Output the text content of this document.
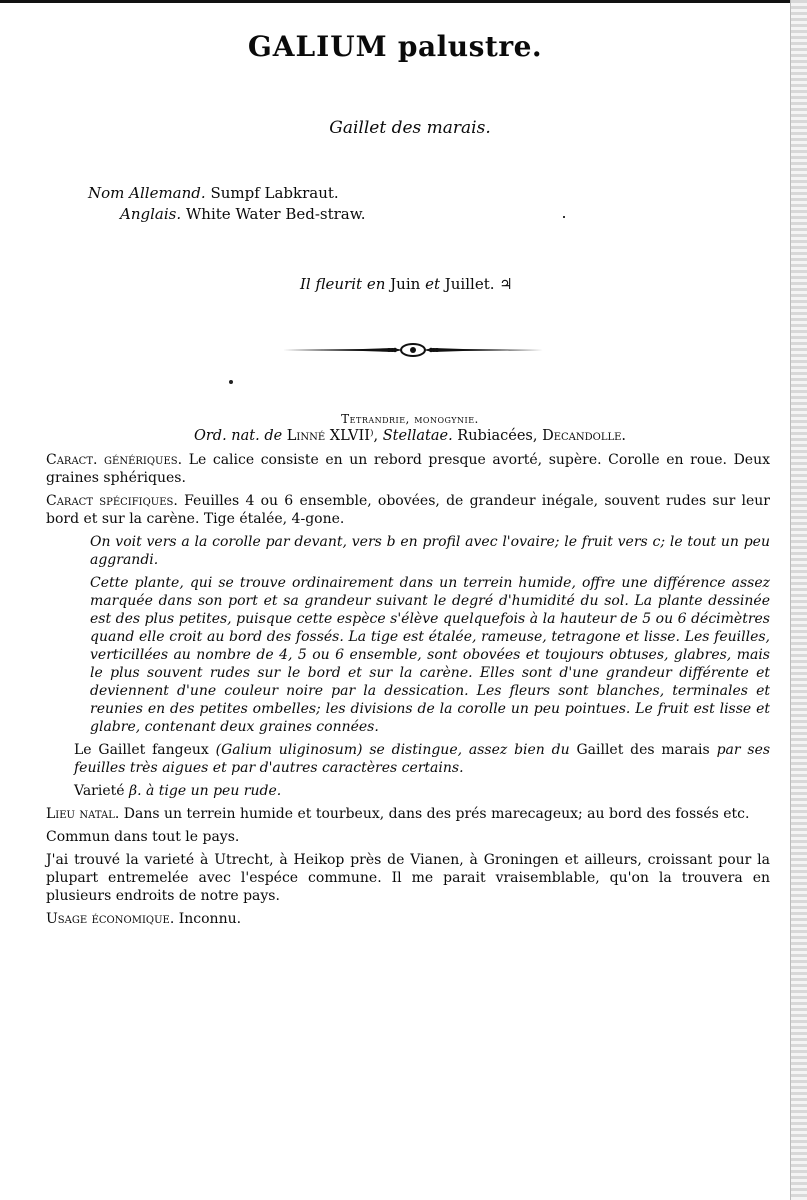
GALIUM palustre.
Gaillet des marais.
Nom Allemand. Sumpf Labkraut.
Anglais. White Water Bed-straw.
Il fleurit en Juin et Juillet. ♃
Tetrandrie, monogynie.
Ord. nat. de Linné XLVII⁾, Stellatae. Rubiacées, Decandolle.

Caract. génériques. Le calice consiste en un rebord presque avorté, supère. Corolle en roue. Deux graines sphériques.

Caract spécifiques. Feuilles 4 ou 6 ensemble, obovées, de grandeur inégale, souvent rudes sur leur bord et sur la carène. Tige étalée, 4-gone.

On voit vers a la corolle par devant, vers b en profil avec l'ovaire; le fruit vers c; le tout un peu aggrandi.

Cette plante, qui se trouve ordinairement dans un terrein humide, offre une différence assez marquée dans son port et sa grandeur suivant le degré d'humidité du sol. La plante dessinée est des plus petites, puisque cette espèce s'élève quelquefois à la hauteur de 5 ou 6 décimètres quand elle croit au bord des fossés. La tige est étalée, rameuse, tetragone et lisse. Les feuilles, verticillées au nombre de 4, 5 ou 6 ensemble, sont obovées et toujours obtuses, glabres, mais le plus souvent rudes sur le bord et sur la carène. Elles sont d'une grandeur différente et deviennent d'une couleur noire par la dessication. Les fleurs sont blanches, terminales et reunies en des petites ombelles; les divisions de la corolle un peu pointues. Le fruit est lisse et glabre, contenant deux graines connées.

Le Gaillet fangeux (Galium uliginosum) se distingue, assez bien du Gaillet des marais par ses feuilles très aigues et par d'autres caractères certains.

Varieté β. à tige un peu rude.

Lieu natal. Dans un terrein humide et tourbeux, dans des prés marecageux; au bord des fossés etc.

Commun dans tout le pays.

J'ai trouvé la varieté à Utrecht, à Heikop près de Vianen, à Groningen et ailleurs, croissant pour la plupart entremelée avec l'espéce commune. Il me parait vraisemblable, qu'on la trouvera en plusieurs endroits de notre pays.

Usage économique. Inconnu.
